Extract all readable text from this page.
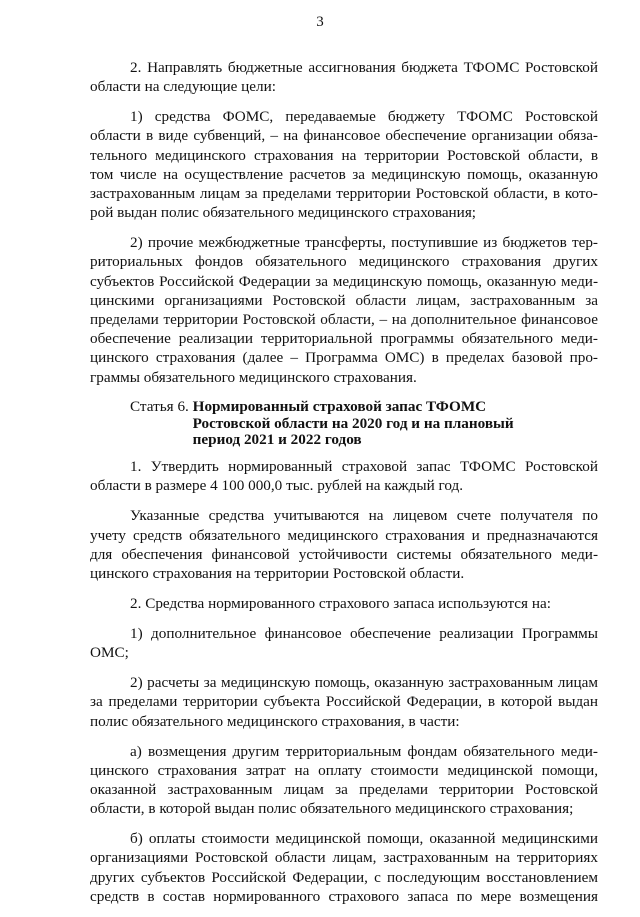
3
2. Направлять бюджетные ассигнования бюджета ТФОМС Ростовской
области на следующие цели:
1) средства ФОМС, передаваемые бюджету ТФОМС Ростовской
области в виде субвенций, – на финансовое обеспечение организации обяза-
тельного медицинского страхования на территории Ростовской области, в
том числе на осуществление расчетов за медицинскую помощь, оказанную
застрахованным лицам за пределами территории Ростовской области, в кото-
рой выдан полис обязательного медицинского страхования;
2) прочие межбюджетные трансферты, поступившие из бюджетов тер-
риториальных фондов обязательного медицинского страхования других
субъектов Российской Федерации за медицинскую помощь, оказанную меди-
цинскими организациями Ростовской области лицам, застрахованным за
пределами территории Ростовской области, – на дополнительное финансовое
обеспечение реализации территориальной программы обязательного меди-
цинского страхования (далее – Программа ОМС) в пределах базовой про-
граммы обязательного медицинского страхования.
Статья 6. Нормированный страховой запас ТФОМС
Ростовской области на 2020 год и на плановый
период 2021 и 2022 годов
1. Утвердить нормированный страховой запас ТФОМС Ростовской
области в размере 4 100 000,0 тыс. рублей на каждый год.
Указанные средства учитываются на лицевом счете получателя по
учету средств обязательного медицинского страхования и предназначаются
для обеспечения финансовой устойчивости системы обязательного меди-
цинского страхования на территории Ростовской области.
2. Средства нормированного страхового запаса используются на:
1) дополнительное финансовое обеспечение реализации Программы
ОМС;
2) расчеты за медицинскую помощь, оказанную застрахованным лицам
за пределами территории субъекта Российской Федерации, в которой выдан
полис обязательного медицинского страхования, в части:
а) возмещения другим территориальным фондам обязательного меди-
цинского страхования затрат на оплату стоимости медицинской помощи,
оказанной застрахованным лицам за пределами территории Ростовской
области, в которой выдан полис обязательного медицинского страхования;
б) оплаты стоимости медицинской помощи, оказанной медицинскими
организациями Ростовской области лицам, застрахованным на территориях
других субъектов Российской Федерации, с последующим восстановлением
средств в состав нормированного страхового запаса по мере возмещения
